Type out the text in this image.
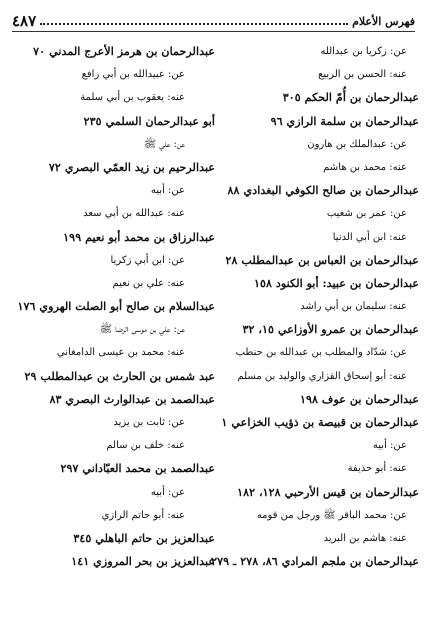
فهرس الأعلام
٤٨٧
عن: زكريا بن عبدالله
عنه: الحسن بن الربيع
عبدالرحمان بن أُمّ الحكم ٣٠٥
عبدالرحمان بن سلمة الرازي ٩٦
عن: عبدالملك بن هارون
عنه: محمد بن هاشم
عبدالرحمان بن صالح الكوفي البغدادي ٨٨
عن: عمر بن شعيب
عنه: ابن أبي الدنيا
عبدالرحمان بن العباس بن عبدالمطلب ٢٨
عبدالرحمان بن عبيد: أبو الكنود ١٥٨
عنه: سليمان بن أبي راشد
عبدالرحمان بن عمرو الأوزاعي ١٥، ٣٢
عن: شدّاد والمطلب بن عبدالله بن حنطب
عنه: أبو إسحاق الفزاري والوليد بن مسلم
عبدالرحمان بن عوف ١٩٨
عبدالرحمان بن قبيصة بن ذؤيب الخزاعي ١
عن: أبيه
عنه: أبو حذيفة
عبدالرحمان بن قيس الأرحبي ١٢٨، ١٨٢
عن: محمد الباقر ﷺ ورجل من قومه
عنه: هاشم بن البريد
عبدالرحمان بن ملجم المرادي ٨٦، ٢٧٨ ـ ٢٧٩
عبدالرحمان بن هرمز الأعرج المدني ٧٠
عن: عبيدالله بن أبي رافع
عنه: يعقوب بن أبي سلمة
أبو عبدالرحمان السلمي ٢٣٥
عن: علي ﷺ
عبدالرحيم بن زيد العمّي البصري ٧٢
عن: أبيه
عنه: عبدالله بن أبي سعد
عبدالرزاق بن محمد أبو نعيم ١٩٩
عن: ابن أبي زكريا
عنه: علي بن نعيم
عبدالسلام بن صالح أبو الصلت الهروي ١٧٦
عن: علي بن موسى الرضا ﷺ
عنه: محمد بن عيسى الدامغاني
عبد شمس بن الحارث بن عبدالمطلب ٢٩
عبدالصمد بن عبدالوارث البصري ٨٣
عن: ثابت بن يزيد
عنه: خلف بن سالم
عبدالصمد بن محمد العبّاداني ٢٩٧
عن: أبيه
عنه: أبو حاتم الرازي
عبدالعزيز بن حاتم الباهلي ٣٤٥
عبدالعزيز بن بحر المروزي ١٤١
